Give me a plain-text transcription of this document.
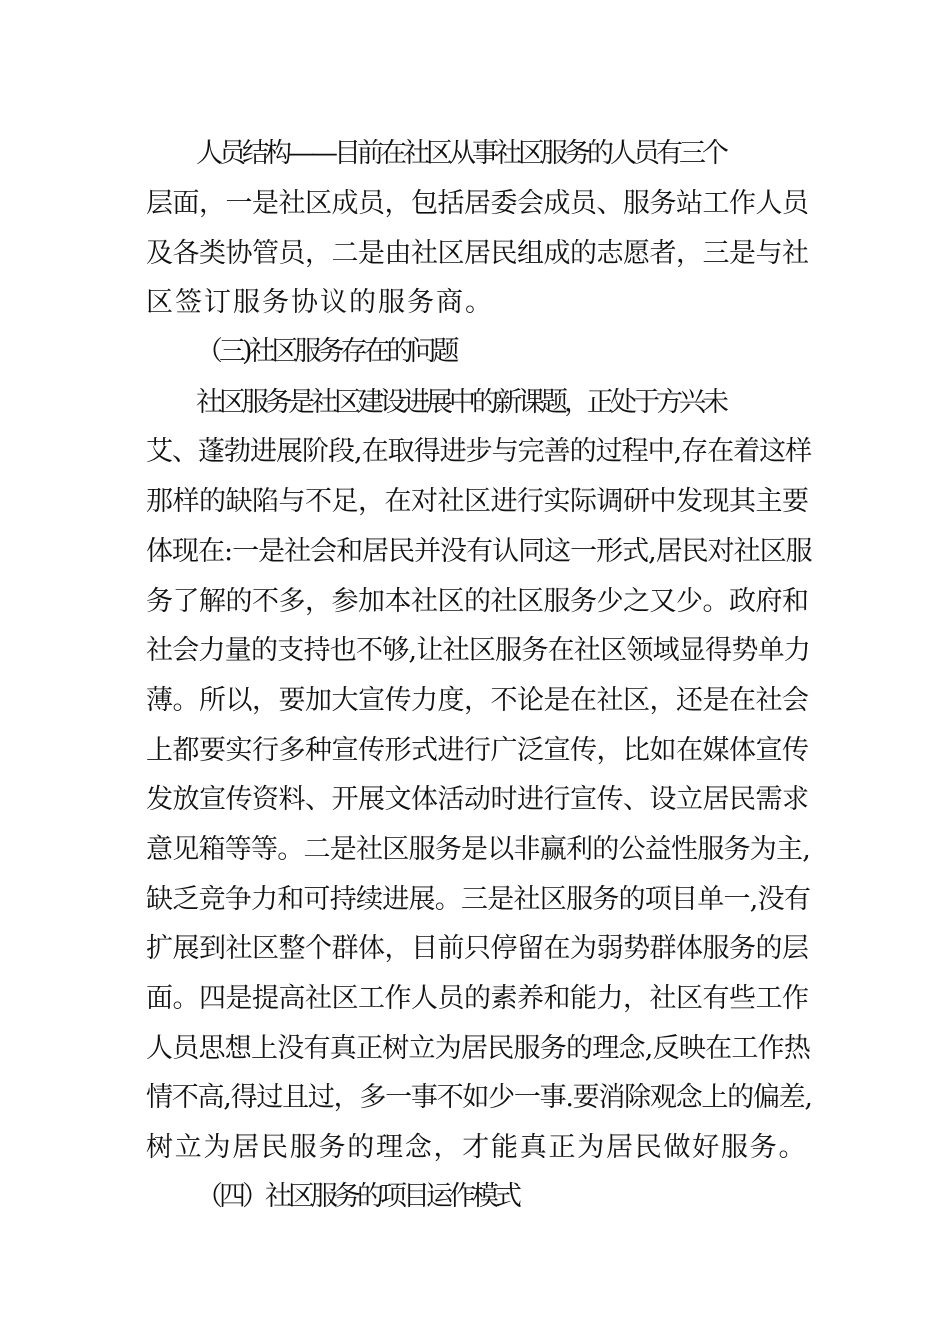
人员结构——目前在社区从事社区服务的人员有三个
层面，一是社区成员，包括居委会成员、服务站工作人员
及各类协管员，二是由社区居民组成的志愿者，三是与社
区签订服务协议的服务商。
（三)社区服务存在的问题
社区服务是社区建设进展中的新课题，正处于方兴未
艾、蓬勃进展阶段,在取得进步与完善的过程中,存在着这样
那样的缺陷与不足，在对社区进行实际调研中发现其主要
体现在:一是社会和居民并没有认同这一形式,居民对社区服
务了解的不多，参加本社区的社区服务少之又少。政府和
社会力量的支持也不够,让社区服务在社区领域显得势单力
薄。所以，要加大宣传力度，不论是在社区，还是在社会
上都要实行多种宣传形式进行广泛宣传，比如在媒体宣传
发放宣传资料、开展文体活动时进行宣传、设立居民需求
意见箱等等。二是社区服务是以非赢利的公益性服务为主,
缺乏竞争力和可持续进展。三是社区服务的项目单一,没有
扩展到社区整个群体，目前只停留在为弱势群体服务的层
面。四是提高社区工作人员的素养和能力，社区有些工作
人员思想上没有真正树立为居民服务的理念,反映在工作热
情不高,得过且过，多一事不如少一事.要消除观念上的偏差,
树立为居民服务的理念，才能真正为居民做好服务。
（四）社区服务的项目运作模式
